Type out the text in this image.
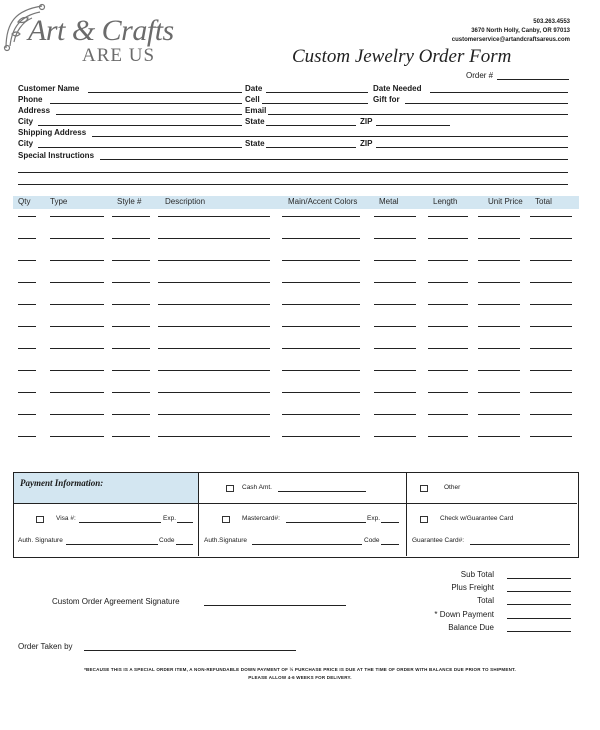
Art & Crafts
ARE US
503.263.4553
3670 North Holly, Canby, OR 97013
customerservice@artandcraftsareus.com
Custom Jewelry Order Form
Order #
Customer Name	Date	Date Needed
Phone	Cell	Gift for
Address	Email
City	State	ZIP
Shipping Address
City	State	ZIP
Special Instructions
Qty Type	Style #	Description	Main/Accent Colors	Metal	Length	Unit Price Total
Payment Information:	Cash Amt.	Other
Visa #:	Exp.
Auth. Signature	Code
Mastercard#:	Exp.
Auth.Signature	Code
Check w/Guarantee Card
Guarantee Card#:
Sub Total
Plus Freight
Total
* Down Payment
Balance Due
Custom Order Agreement Signature
Order Taken by
*BECAUSE THIS IS A SPECIAL ORDER ITEM, A NON-REFUNDABLE DOWN PAYMENT OF ½ PURCHASE PRICE IS DUE AT THE TIME OF ORDER WITH BALANCE DUE PRIOR TO SHIPMENT.
PLEASE ALLOW 4-6 WEEKS FOR DELIVERY.
